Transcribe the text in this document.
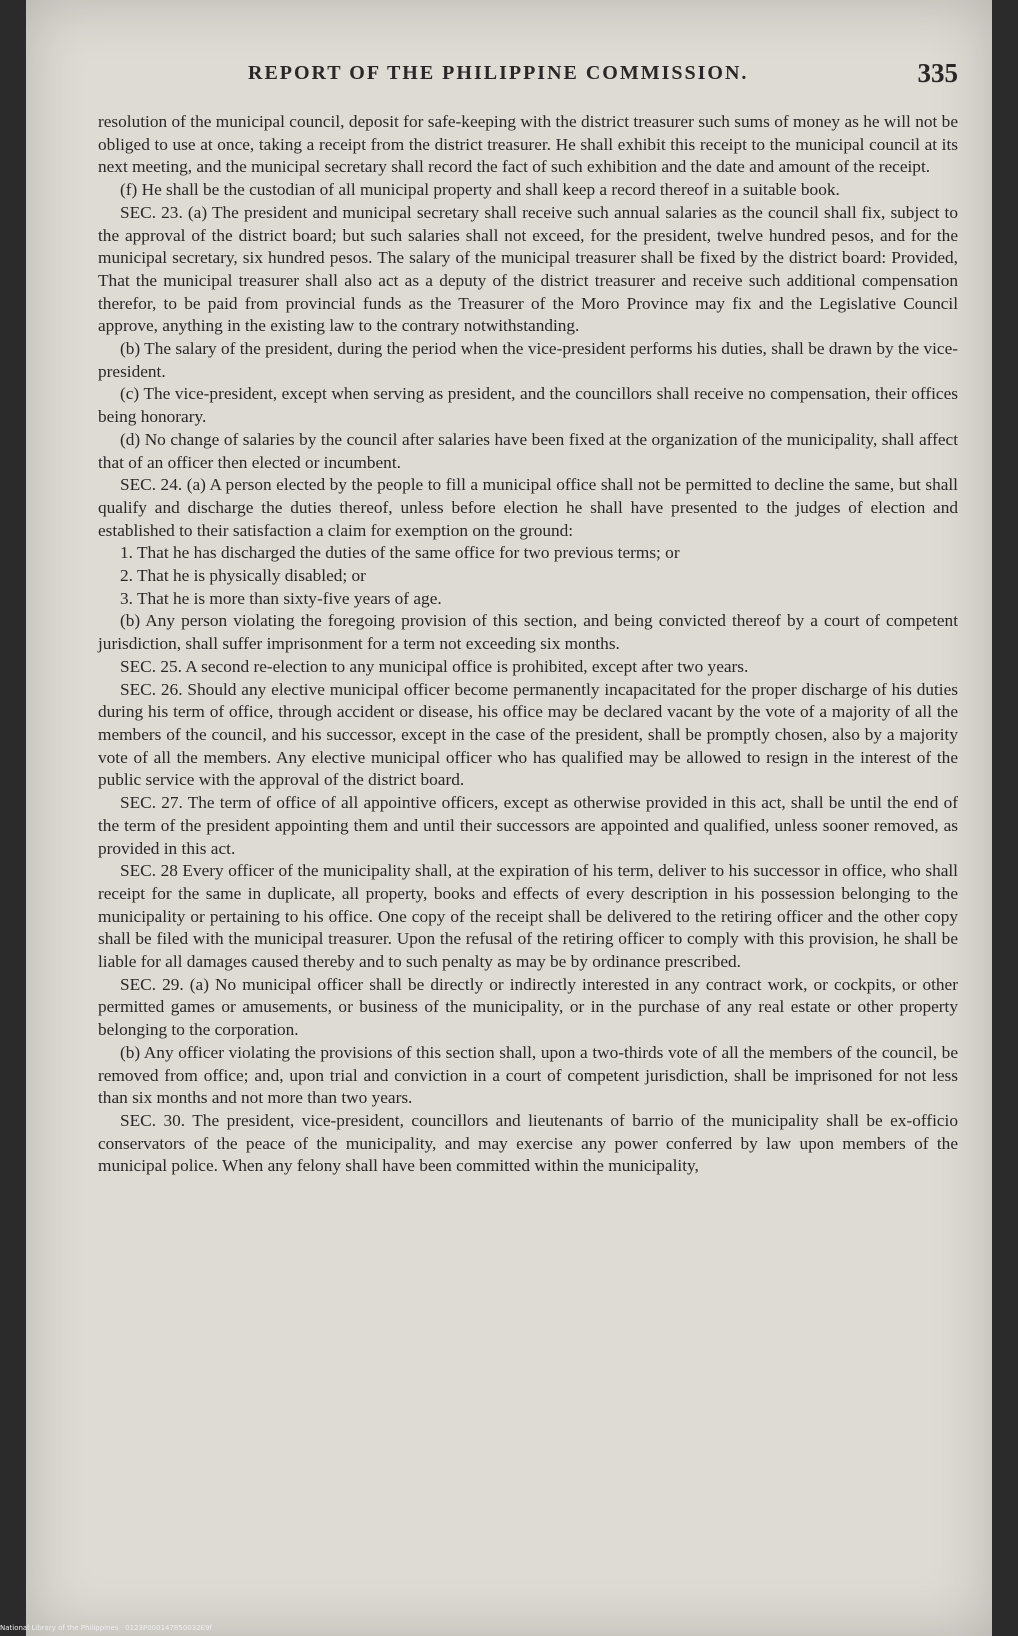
REPORT OF THE PHILIPPINE COMMISSION.	335

resolution of the municipal council, deposit for safe-keeping with the district treasurer such sums of money as he will not be obliged to use at once, taking a receipt from the district treasurer. He shall exhibit this receipt to the municipal council at its next meeting, and the municipal secretary shall record the fact of such exhibition and the date and amount of the receipt.

(f) He shall be the custodian of all municipal property and shall keep a record thereof in a suitable book.

SEC. 23. (a) The president and municipal secretary shall receive such annual salaries as the council shall fix, subject to the approval of the district board; but such salaries shall not exceed, for the president, twelve hundred pesos, and for the municipal secretary, six hundred pesos. The salary of the municipal treasurer shall be fixed by the district board: Provided, That the municipal treasurer shall also act as a deputy of the district treasurer and receive such additional compensation therefor, to be paid from provincial funds as the Treasurer of the Moro Province may fix and the Legislative Council approve, anything in the existing law to the contrary notwithstanding.

(b) The salary of the president, during the period when the vice-president performs his duties, shall be drawn by the vice-president.

(c) The vice-president, except when serving as president, and the councillors shall receive no compensation, their offices being honorary.

(d) No change of salaries by the council after salaries have been fixed at the organization of the municipality, shall affect that of an officer then elected or incumbent.

SEC. 24. (a) A person elected by the people to fill a municipal office shall not be permitted to decline the same, but shall qualify and discharge the duties thereof, unless before election he shall have presented to the judges of election and established to their satisfaction a claim for exemption on the ground:

1. That he has discharged the duties of the same office for two previous terms; or

2. That he is physically disabled; or

3. That he is more than sixty-five years of age.

(b) Any person violating the foregoing provision of this section, and being convicted thereof by a court of competent jurisdiction, shall suffer imprisonment for a term not exceeding six months.

SEC. 25. A second re-election to any municipal office is prohibited, except after two years.

SEC. 26. Should any elective municipal officer become permanently incapacitated for the proper discharge of his duties during his term of office, through accident or disease, his office may be declared vacant by the vote of a majority of all the members of the council, and his successor, except in the case of the president, shall be promptly chosen, also by a majority vote of all the members. Any elective municipal officer who has qualified may be allowed to resign in the interest of the public service with the approval of the district board.

SEC. 27. The term of office of all appointive officers, except as otherwise provided in this act, shall be until the end of the term of the president appointing them and until their successors are appointed and qualified, unless sooner removed, as provided in this act.

SEC. 28 Every officer of the municipality shall, at the expiration of his term, deliver to his successor in office, who shall receipt for the same in duplicate, all property, books and effects of every description in his possession belonging to the municipality or pertaining to his office. One copy of the receipt shall be delivered to the retiring officer and the other copy shall be filed with the municipal treasurer. Upon the refusal of the retiring officer to comply with this provision, he shall be liable for all damages caused thereby and to such penalty as may be by ordinance prescribed.

SEC. 29. (a) No municipal officer shall be directly or indirectly interested in any contract work, or cockpits, or other permitted games or amusements, or business of the municipality, or in the purchase of any real estate or other property belonging to the corporation.

(b) Any officer violating the provisions of this section shall, upon a two-thirds vote of all the members of the council, be removed from office; and, upon trial and conviction in a court of competent jurisdiction, shall be imprisoned for not less than six months and not more than two years.

SEC. 30. The president, vice-president, councillors and lieutenants of barrio of the municipality shall be ex-officio conservators of the peace of the municipality, and may exercise any power conferred by law upon members of the municipal police. When any felony shall have been committed within the municipality,

National Library of the Philippines · 0123P000147850032E9f
